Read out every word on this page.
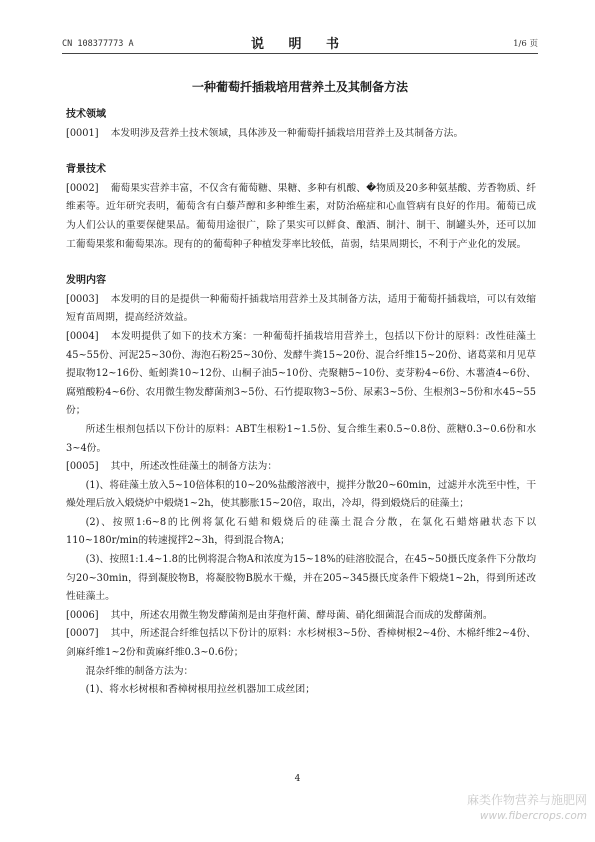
CN 108377773 A	说 明 书	1/6 页
一种葡萄扦插栽培用营养土及其制备方法

技术领域

[0001] 本发明涉及营养土技术领域，具体涉及一种葡萄扦插栽培用营养土及其制备方法。

背景技术

[0002] 葡萄果实营养丰富，不仅含有葡萄糖、果糖、多种有机酸、�物质及20多种氨基酸、芳香物质、纤维素等。近年研究表明，葡萄含有白藜芦醇和多种维生素，对防治癌症和心血管病有良好的作用。葡萄已成为人们公认的重要保健果品。葡萄用途很广，除了果实可以鲜食、酿酒、制汁、制干、制罐头外，还可以加工葡萄果浆和葡萄果冻。现有的的葡萄种子种植发芽率比较低，苗弱，结果周期长，不利于产业化的发展。

发明内容

[0003] 本发明的目的是提供一种葡萄扦插栽培用营养土及其制备方法，适用于葡萄扦插栽培，可以有效缩短育苗周期，提高经济效益。

[0004] 本发明提供了如下的技术方案：一种葡萄扦插栽培用营养土，包括以下份计的原料：改性硅藻土45~55份、河泥25~30份、海泡石粉25~30份、发酵牛粪15~20份、混合纤维15~20份、诸葛菜和月见草提取物12~16份、蚯蚓粪10~12份、山桐子油5~10份、壳聚糖5~10份、麦芽粉4~6份、木薯渣4~6份、腐殖酸粉4~6份、农用微生物发酵菌剂3~5份、石竹提取物3~5份、尿素3~5份、生根剂3~5份和水45~55份；

所述生根剂包括以下份计的原料：ABT生根粉1~1.5份、复合维生素0.5~0.8份、蔗糖0.3~0.6份和水3~4份。

[0005] 其中，所述改性硅藻土的制备方法为：

(1)、将硅藻土放入5~10倍体积的10~20%盐酸溶液中，搅拌分散20~60min，过滤并水洗至中性，干燥处理后放入煅烧炉中煅烧1~2h，使其膨胀15~20倍，取出，冷却，得到煅烧后的硅藻土；

(2)、按照1:6~8的比例将氯化石蜡和煅烧后的硅藻土混合分散，在氯化石蜡熔融状态下以110~180r/min的转速搅拌2~3h，得到混合物A；

(3)、按照1:1.4~1.8的比例将混合物A和浓度为15~18%的硅溶胶混合，在45~50摄氏度条件下分散均匀20~30min，得到凝胶物B，将凝胶物B脱水干燥，并在205~345摄氏度条件下煅烧1~2h，得到所述改性硅藻土。

[0006] 其中，所述农用微生物发酵菌剂是由芽孢杆菌、酵母菌、硝化细菌混合而成的发酵菌剂。

[0007] 其中，所述混合纤维包括以下份计的原料：水杉树根3~5份、香樟树根2~4份、木棉纤维2~4份、剑麻纤维1~2份和黄麻纤维0.3~0.6份；

混杂纤维的制备方法为：

(1)、将水杉树根和香樟树根用拉丝机器加工成丝团；

4
麻类作物营养与施肥网
www.fibercrops.com
